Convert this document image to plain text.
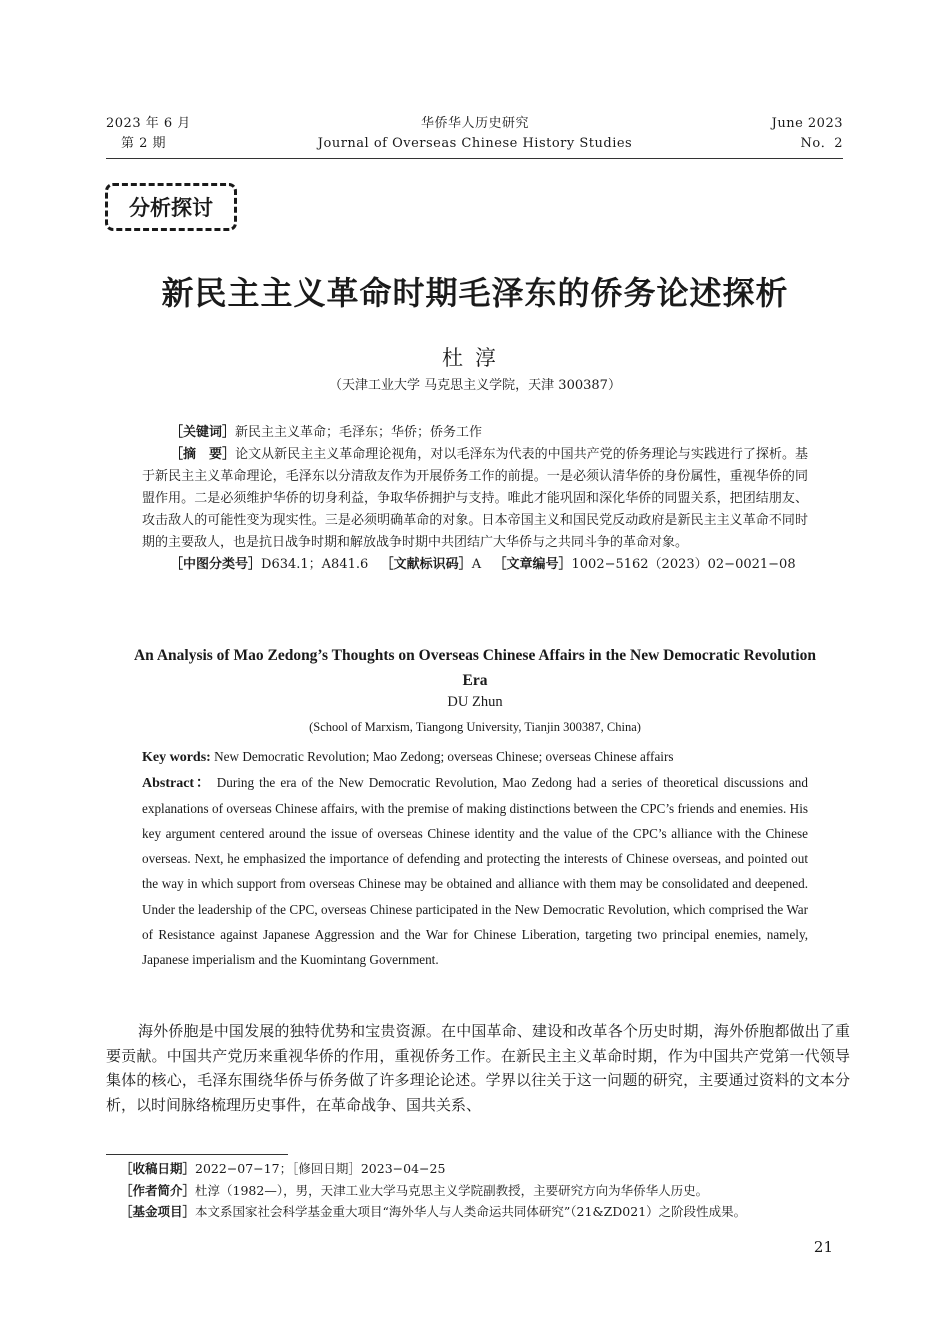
2023 年 6 月
第 2 期
华侨华人历史研究
Journal of Overseas Chinese History Studies
June 2023
No．2
分析探讨
新民主主义革命时期毛泽东的侨务论述探析
杜淳
（天津工业大学 马克思主义学院，天津 300387）

［关键词］新民主主义革命；毛泽东；华侨；侨务工作

［摘　要］论文从新民主主义革命理论视角，对以毛泽东为代表的中国共产党的侨务理论与实践进行了探析。基于新民主主义革命理论，毛泽东以分清敌友作为开展侨务工作的前提。一是必须认清华侨的身份属性，重视华侨的同盟作用。二是必须维护华侨的切身利益，争取华侨拥护与支持。唯此才能巩固和深化华侨的同盟关系，把团结朋友、攻击敌人的可能性变为现实性。三是必须明确革命的对象。日本帝国主义和国民党反动政府是新民主主义革命不同时期的主要敌人，也是抗日战争时期和解放战争时期中共团结广大华侨与之共同斗争的革命对象。

［中图分类号］D634.1；A841.6 ［文献标识码］A ［文章编号］1002−5162（2023）02−0021−08

An Analysis of Mao Zedong’s Thoughts on Overseas Chinese Affairs in the New Democratic Revolution Era
DU Zhun
(School of Marxism, Tiangong University, Tianjin 300387, China)

Key words: New Democratic Revolution; Mao Zedong; overseas Chinese; overseas Chinese affairs

Abstract： During the era of the New Democratic Revolution, Mao Zedong had a series of theoretical discussions and explanations of overseas Chinese affairs, with the premise of making distinctions between the CPC’s friends and enemies. His key argument centered around the issue of overseas Chinese identity and the value of the CPC’s alliance with the Chinese overseas. Next, he emphasized the importance of defending and protecting the interests of Chinese overseas, and pointed out the way in which support from overseas Chinese may be obtained and alliance with them may be consolidated and deepened. Under the leadership of the CPC, overseas Chinese participated in the New Democratic Revolution, which comprised the War of Resistance against Japanese Aggression and the War for Chinese Liberation, targeting two principal enemies, namely, Japanese imperialism and the Kuomintang Government.

海外侨胞是中国发展的独特优势和宝贵资源。在中国革命、建设和改革各个历史时期，海外侨胞都做出了重要贡献。中国共产党历来重视华侨的作用，重视侨务工作。在新民主主义革命时期，作为中国共产党第一代领导集体的核心，毛泽东围绕华侨与侨务做了许多理论论述。学界以往关于这一问题的研究，主要通过资料的文本分析，以时间脉络梳理历史事件，在革命战争、国共关系、

［收稿日期］2022−07−17；［修回日期］2023−04−25

［作者简介］杜淳（1982—），男，天津工业大学马克思主义学院副教授，主要研究方向为华侨华人历史。

［基金项目］本文系国家社会科学基金重大项目“海外华人与人类命运共同体研究”（21&ZD021）之阶段性成果。

21
